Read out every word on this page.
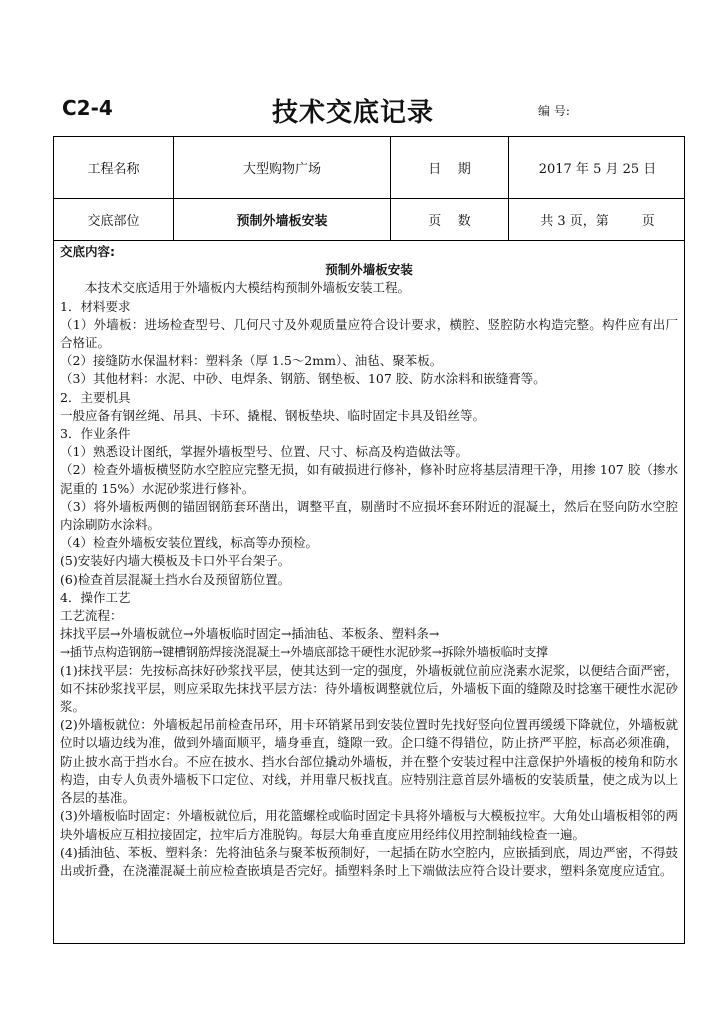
C2-4	技术交底记录	编 号:
工程名称	大型购物广场	日    期	2017 年 5 月 25 日
交底部位	预制外墙板安装	页    数	共 3 页，第        页

交底内容:

预制外墙板安装

本技术交底适用于外墙板内大模结构预制外墙板安装工程。

1．材料要求

（1）外墙板：进场检查型号、几何尺寸及外观质量应符合设计要求，横腔、竖腔防水构造完整。构件应有出厂合格证。

（2）接缝防水保温材料：塑料条（厚 1.5～2mm）、油毡、聚苯板。

（3）其他材料：水泥、中砂、电焊条、钢筋、钢垫板、107 胶、防水涂料和嵌缝膏等。

2．主要机具

一般应备有钢丝绳、吊具、卡环、撬棍、钢板垫块、临时固定卡具及铅丝等。

3．作业条件

（1）熟悉设计图纸，掌握外墙板型号、位置、尺寸、标高及构造做法等。

（2）检查外墙板横竖防水空腔应完整无损，如有破损进行修补，修补时应将基层清理干净，用掺 107 胶（掺水泥重的 15%）水泥砂浆进行修补。

（3）将外墙板两侧的锚固钢筋套环凿出，调整平直，剔凿时不应损坏套环附近的混凝土，然后在竖向防水空腔内涂刷防水涂料。

（4）检查外墙板安装位置线，标高等办预检。

(5)安装好内墙大模板及卡口外平台架子。

(6)检查首层混凝土挡水台及预留筋位置。

4．操作工艺

工艺流程：

抹找平层→外墙板就位→外墙板临时固定→插油毡、苯板条、塑料条→

→插节点构造钢筋→键槽钢筋焊接浇混凝土→外墙底部捻干硬性水泥砂浆→拆除外墙板临时支撑

(1)抹找平层：先按标高抹好砂浆找平层，使其达到一定的强度，外墙板就位前应浇素水泥浆，以便结合面严密，如不抹砂浆找平层，则应采取先抹找平层方法：待外墙板调整就位后，外墙板下面的缝隙及时捻塞干硬性水泥砂浆。

(2)外墙板就位：外墙板起吊前检查吊环，用卡环销紧吊到安装位置时先找好竖向位置再缓缓下降就位，外墙板就位时以墙边线为准，做到外墙面顺平，墙身垂直，缝隙一致。企口缝不得错位，防止挤严平腔，标高必须准确，防止披水高于挡水台。不应在披水、挡水台部位撬动外墙板，并在整个安装过程中注意保护外墙板的棱角和防水构造，由专人负责外墙板下口定位、对线，并用靠尺板找直。应特别注意首层外墙板的安装质量，使之成为以上各层的基准。

(3)外墙板临时固定：外墙板就位后，用花篮螺栓或临时固定卡具将外墙板与大模板拉牢。大角处山墙板相邻的两块外墙板应互相拉接固定，拉牢后方准脱钩。每层大角垂直度应用经纬仪用控制轴线检查一遍。

(4)插油毡、苯板、塑料条：先将油毡条与聚苯板预制好，一起插在防水空腔内，应嵌插到底，周边严密，不得鼓出或折叠，在浇灌混凝土前应检查嵌填是否完好。插塑料条时上下端做法应符合设计要求，塑料条宽度应适宜。
